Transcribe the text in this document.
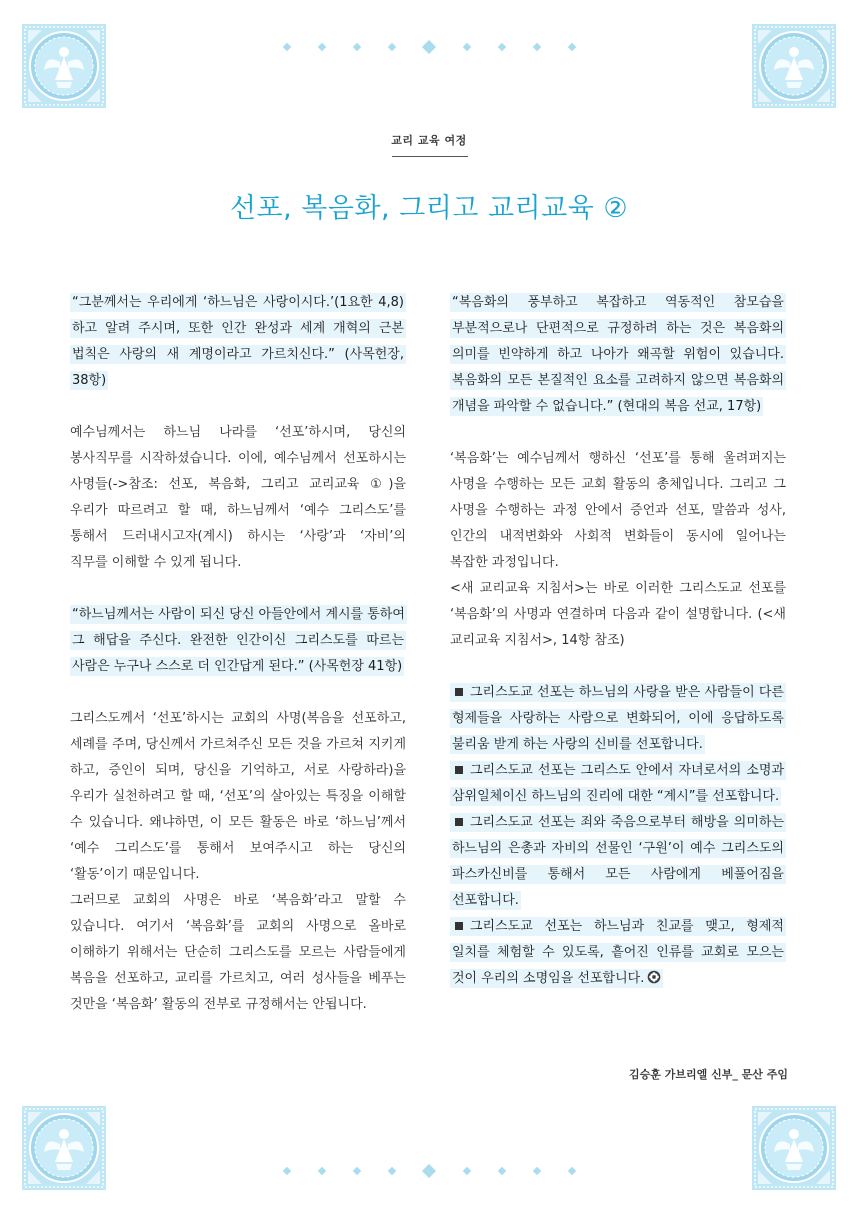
교리 교육 여정
선포, 복음화, 그리고 교리교육 ②

“그분께서는 우리에게 ‘하느님은 사랑이시다.’(1요한 4,8)하고 알려 주시며, 또한 인간 완성과 세계 개혁의 근본 법칙은 사랑의 새 계명이라고 가르치신다.” (사목헌장, 38항)

예수님께서는 하느님 나라를 ‘선포’하시며, 당신의 봉사직무를 시작하셨습니다. 이에, 예수님께서 선포하시는 사명들(->참조: 선포, 복음화, 그리고 교리교육 ①)을 우리가 따르려고 할 때, 하느님께서 ‘예수 그리스도’를 통해서 드러내시고자(계시) 하시는 ‘사랑’과 ‘자비’의 직무를 이해할 수 있게 됩니다.

“하느님께서는 사람이 되신 당신 아들안에서 계시를 통하여 그 해답을 주신다. 완전한 인간이신 그리스도를 따르는 사람은 누구나 스스로 더 인간답게 된다.” (사목헌장 41항)

그리스도께서 ‘선포’하시는 교회의 사명(복음을 선포하고, 세례를 주며, 당신께서 가르쳐주신 모든 것을 가르쳐 지키게 하고, 증인이 되며, 당신을 기억하고, 서로 사랑하라)을 우리가 실천하려고 할 때, ‘선포’의 살아있는 특징을 이해할 수 있습니다. 왜냐하면, 이 모든 활동은 바로 ‘하느님’께서 ‘예수 그리스도’를 통해서 보여주시고 하는 당신의 ‘활동’이기 때문입니다.

그러므로 교회의 사명은 바로 ‘복음화’라고 말할 수 있습니다. 여기서 ‘복음화’를 교회의 사명으로 올바로 이해하기 위해서는 단순히 그리스도를 모르는 사람들에게 복음을 선포하고, 교리를 가르치고, 여러 성사들을 베푸는 것만을 ‘복음화’ 활동의 전부로 규정해서는 안됩니다.

“복음화의 풍부하고 복잡하고 역동적인 참모습을 부분적으로나 단편적으로 규정하려 하는 것은 복음화의 의미를 빈약하게 하고 나아가 왜곡할 위험이 있습니다. 복음화의 모든 본질적인 요소를 고려하지 않으면 복음화의 개념을 파악할 수 없습니다.” (현대의 복음 선교, 17항)

‘복음화’는 예수님께서 행하신 ‘선포’를 통해 울려퍼지는 사명을 수행하는 모든 교회 활동의 총체입니다. 그리고 그 사명을 수행하는 과정 안에서 증언과 선포, 말씀과 성사, 인간의 내적변화와 사회적 변화들이 동시에 일어나는 복잡한 과정입니다.

<새 교리교육 지침서>는 바로 이러한 그리스도교 선포를 ‘복음화’의 사명과 연결하며 다음과 같이 설명합니다. (<새 교리교육 지침서>, 14항 참조)

그리스도교 선포는 하느님의 사랑을 받은 사람들이 다른 형제들을 사랑하는 사람으로 변화되어, 이에 응답하도록 불리움 받게 하는 사랑의 신비를 선포합니다.
그리스도교 선포는 그리스도 안에서 자녀로서의 소명과 삼위일체이신 하느님의 진리에 대한 “계시”를 선포합니다.
그리스도교 선포는 죄와 죽음으로부터 해방을 의미하는 하느님의 은총과 자비의 선물인 ‘구원’이 예수 그리스도의 파스카신비를 통해서 모든 사람에게 베풀어짐을 선포합니다.
그리스도교 선포는 하느님과 친교를 맺고, 형제적 일치를 체험할 수 있도록, 흩어진 인류를 교회로 모으는 것이 우리의 소명임을 선포합니다.
김승훈 가브리엘 신부_ 문산 주임
